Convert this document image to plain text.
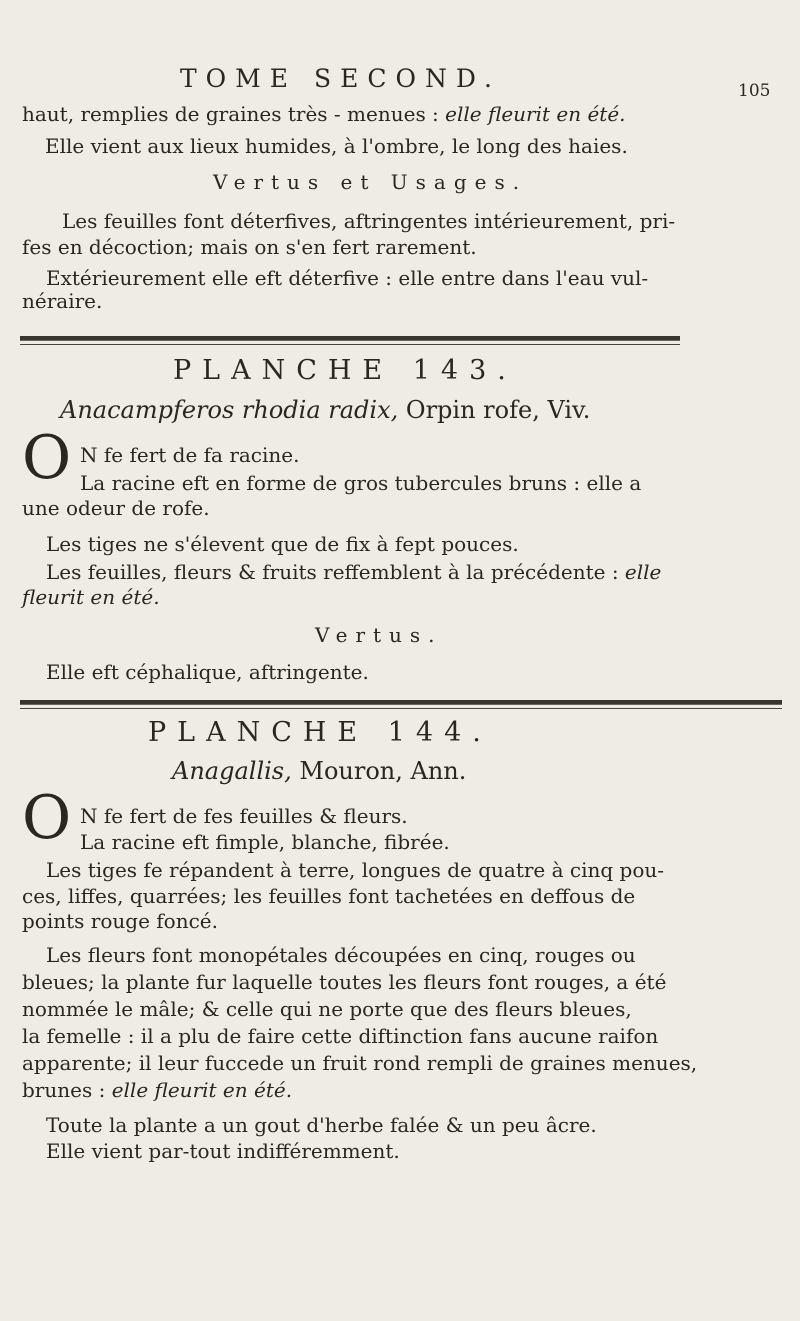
TOME SECOND.	105
haut, remplies de graines très - menues : elle fleurit en été.
Elle vient aux lieux humides, à l'ombre, le long des haies.
Vertus et Usages.
Les feuilles font déterfives, aftringentes intérieurement, pri-
fes en décoction; mais on s'en fert rarement.
Extérieurement elle eft déterfive : elle entre dans l'eau vul-
néraire.
PLANCHE 143.
Anacampferos rhodia radix, Orpin rofe, Viv.
O N fe fert de fa racine.
La racine eft en forme de gros tubercules bruns : elle a
une odeur de rofe.
Les tiges ne s'élevent que de fix à fept pouces.
Les feuilles, fleurs & fruits reffemblent à la précédente : elle
fleurit en été.
Vertus.
Elle eft céphalique, aftringente.
PLANCHE 144.
Anagallis, Mouron, Ann.
O N fe fert de fes feuilles & fleurs.
La racine eft fimple, blanche, fibrée.
Les tiges fe répandent à terre, longues de quatre à cinq pou-
ces, liffes, quarrées; les feuilles font tachetées en deffous de
points rouge foncé.
Les fleurs font monopétales découpées en cinq, rouges ou
bleues; la plante fur laquelle toutes les fleurs font rouges, a été
nommée le mâle; & celle qui ne porte que des fleurs bleues,
la femelle : il a plu de faire cette diftinction fans aucune raifon
apparente; il leur fuccede un fruit rond rempli de graines menues,
brunes : elle fleurit en été.
Toute la plante a un gout d'herbe falée & un peu âcre.
Elle vient par-tout indifféremment.
